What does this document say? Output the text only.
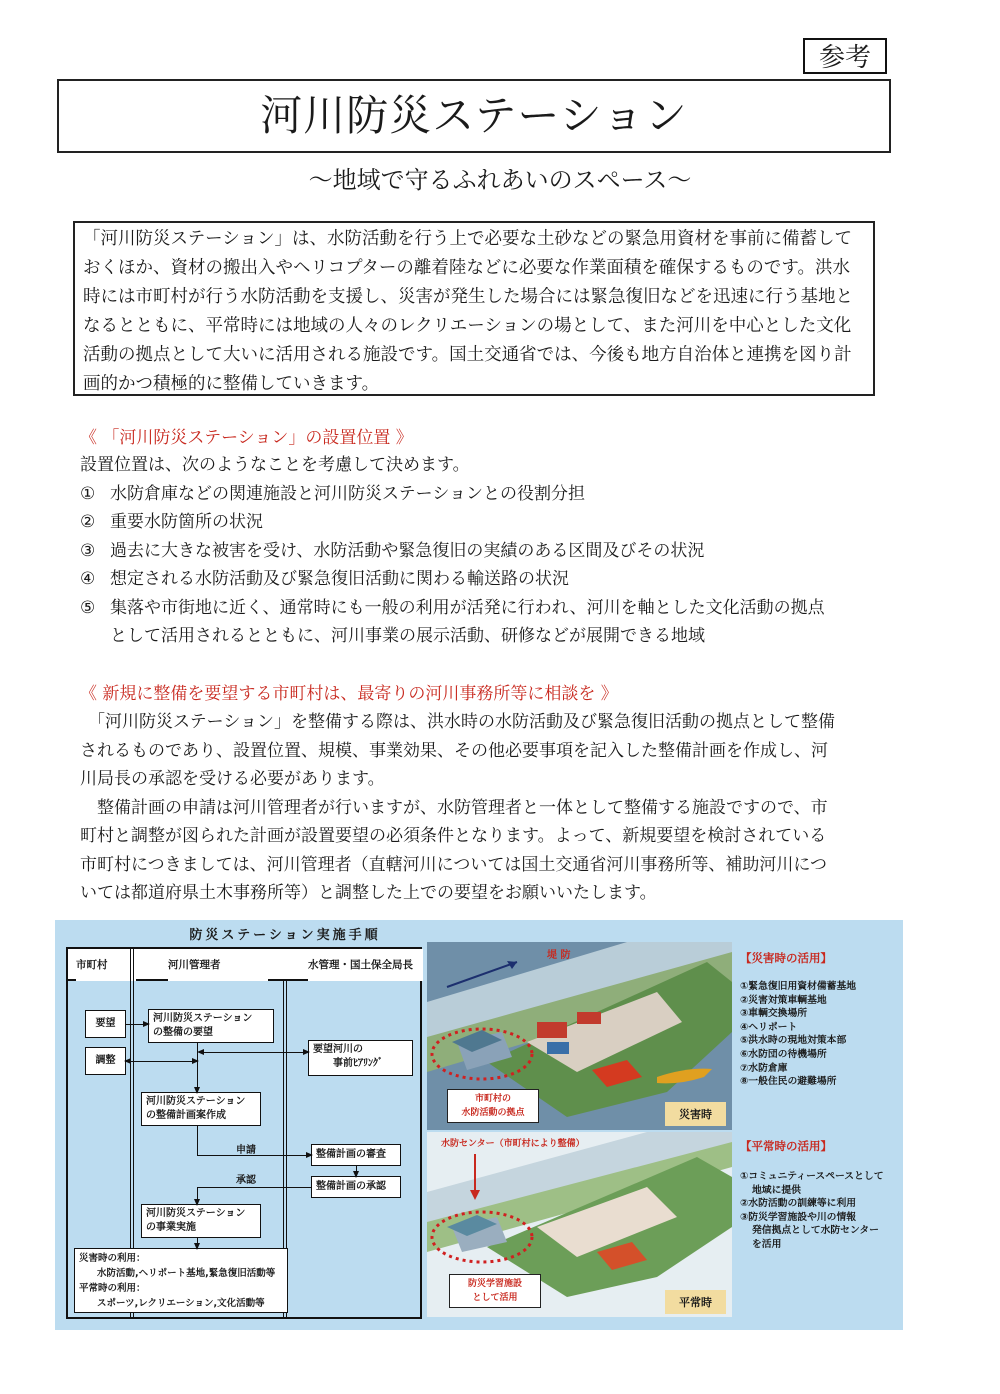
参考
河川防災ステーション
～地域で守るふれあいのスペース～
「河川防災ステーション」は、水防活動を行う上で必要な土砂などの緊急用資材を事前に備蓄して
おくほか、資材の搬出入やヘリコプターの離着陸などに必要な作業面積を確保するものです。洪水
時には市町村が行う水防活動を支援し、災害が発生した場合には緊急復旧などを迅速に行う基地と
なるとともに、平常時には地域の人々のレクリエーションの場として、また河川を中心とした文化
活動の拠点として大いに活用される施設です。国土交通省では、今後も地方自治体と連携を図り計
画的かつ積極的に整備していきます。
《 「河川防災ステーション」の設置位置 》
設置位置は、次のようなことを考慮して決めます。
① 水防倉庫などの関連施設と河川防災ステーションとの役割分担
② 重要水防箇所の状況
③ 過去に大きな被害を受け、水防活動や緊急復旧の実績のある区間及びその状況
④ 想定される水防活動及び緊急復旧活動に関わる輸送路の状況
⑤ 集落や市街地に近く、通常時にも一般の利用が活発に行われ、河川を軸とした文化活動の拠点
として活用されるとともに、河川事業の展示活動、研修などが展開できる地域
《 新規に整備を要望する市町村は、最寄りの河川事務所等に相談を 》
「河川防災ステーション」を整備する際は、洪水時の水防活動及び緊急復旧活動の拠点として整備
されるものであり、設置位置、規模、事業効果、その他必要事項を記入した整備計画を作成し、河
川局長の承認を受ける必要があります。
整備計画の申請は河川管理者が行いますが、水防管理者と一体として整備する施設ですので、市
町村と調整が図られた計画が設置要望の必須条件となります。よって、新規要望を検討されている
市町村につきましては、河川管理者（直轄河川については国土交通省河川事務所等、補助河川につ
いては都道府県土木事務所等）と調整した上での要望をお願いいたします。
防災ステーション実施手順
市町村	河川管理者	水管理・国土保全局長
要望
調整
河川防災ステーション
の整備の要望
要望河川の
事前ﾋｱﾘﾝｸﾞ
河川防災ステーション
の整備計画案作成
整備計画の審査
整備計画の承認
河川防災ステーション
の事業実施
災害時の利用：
水防活動,ヘリポート基地,緊急復旧活動等
平常時の利用：
スポーツ,レクリエーション,文化活動等
申請
承認
堤 防
市町村の
水防活動の拠点	災害時
水防センター（市町村により整備）
防災学習施設
として活用	平常時
【災害時の活用】
①緊急復旧用資材備蓄基地
②災害対策車輌基地
③車輌交換場所
④ヘリポート
⑤洪水時の現地対策本部
⑥水防団の待機場所
⑦水防倉庫
⑧一般住民の避難場所
【平常時の活用】
①コミュニティースペースとして
地域に提供
②水防活動の訓練等に利用
③防災学習施設や川の情報
発信拠点として水防センター
を活用
